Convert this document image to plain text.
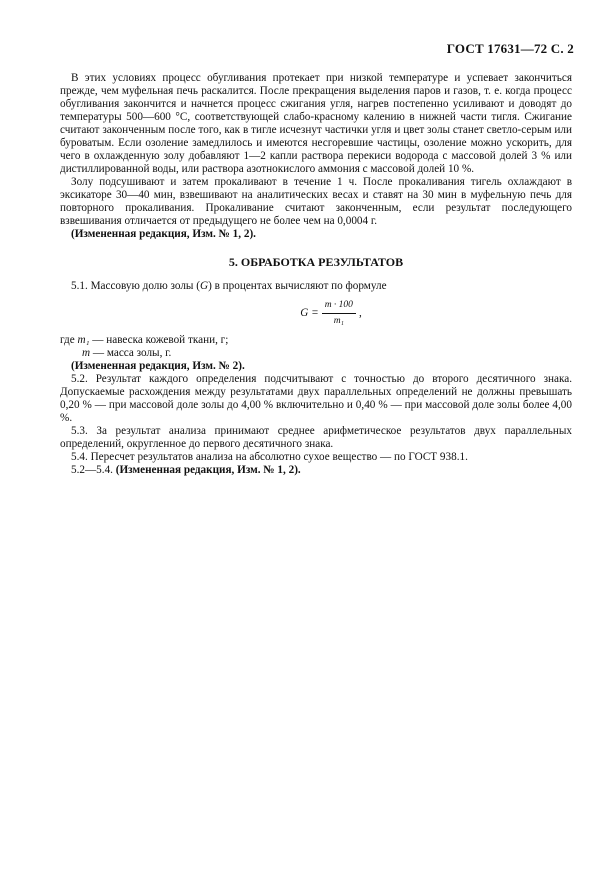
ГОСТ 17631—72 С. 2

В этих условиях процесс обугливания протекает при низкой температуре и успевает закончиться прежде, чем муфельная печь раскалится. После прекращения выделения паров и газов, т. е. когда процесс обугливания закончится и начнется процесс сжигания угля, нагрев постепенно усиливают и доводят до температуры 500—600 °С, соответствующей слабо-красному калению в нижней части тигля. Сжигание считают законченным после того, как в тигле исчезнут частички угля и цвет золы станет светло-серым или буроватым. Если озоление замедлилось и имеются несгоревшие частицы, озоление можно ускорить, для чего в охлажденную золу добавляют 1—2 капли раствора перекиси водорода с массовой долей 3 % или дистиллированной воды, или раствора азотнокислого аммония с массовой долей 10 %.

Золу подсушивают и затем прокаливают в течение 1 ч. После прокаливания тигель охлаждают в эксикаторе 30—40 мин, взвешивают на аналитических весах и ставят на 30 мин в муфельную печь для повторного прокаливания. Прокаливание считают законченным, если результат последующего взвешивания отличается от предыдущего не более чем на 0,0004 г.

(Измененная редакция, Изм. № 1, 2).

5. ОБРАБОТКА РЕЗУЛЬТАТОВ

5.1. Массовую долю золы (G) в процентах вычисляют по формуле

$G = \frac{m \cdot 100}{\text{m₁}}$ ,

где m₁ — навеска кожевой ткани, г;

m — масса золы, г.

(Измененная редакция, Изм. № 2).

5.2. Результат каждого определения подсчитывают с точностью до второго десятичного знака. Допускаемые расхождения между результатами двух параллельных определений не должны превышать 0,20 % — при массовой доле золы до 4,00 % включительно и 0,40 % — при массовой доле золы более 4,00 %.

5.3. За результат анализа принимают среднее арифметическое результатов двух параллельных определений, округленное до первого десятичного знака.

5.4. Пересчет результатов анализа на абсолютно сухое вещество — по ГОСТ 938.1.

5.2—5.4. (Измененная редакция, Изм. № 1, 2).
